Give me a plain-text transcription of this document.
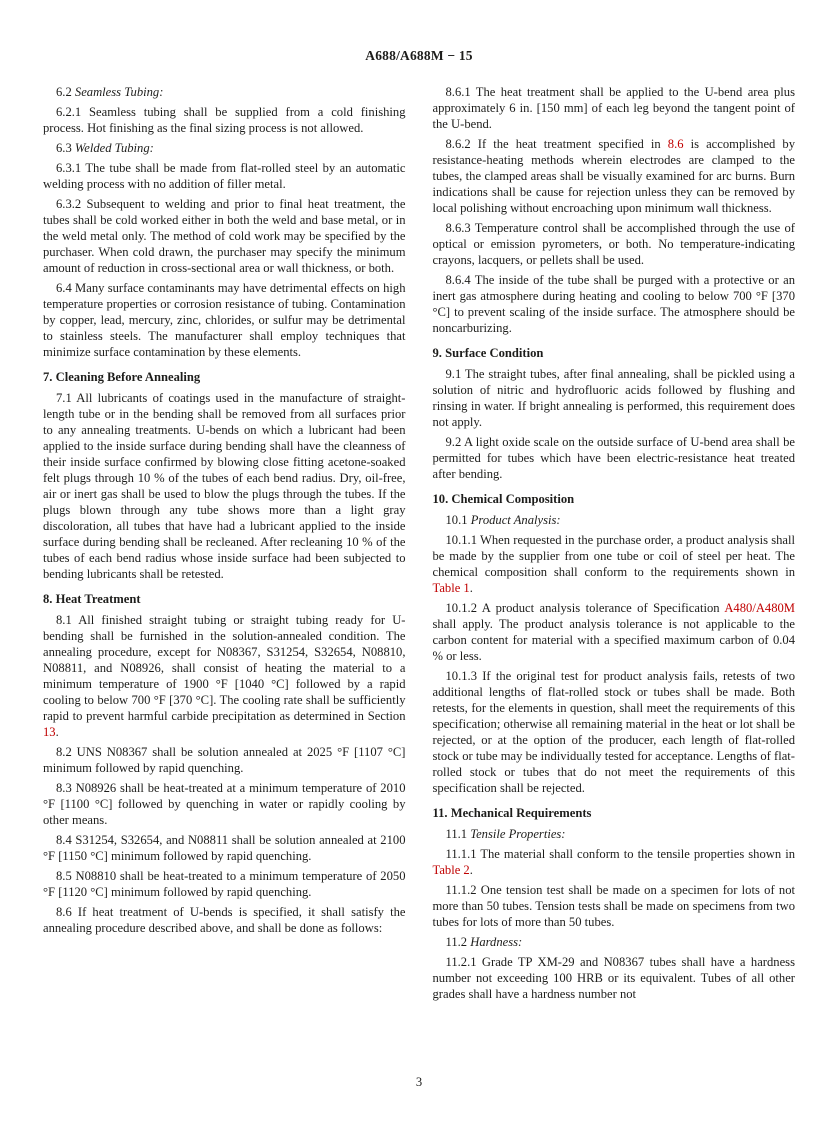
A688/A688M − 15

6.2 Seamless Tubing:

6.2.1 Seamless tubing shall be supplied from a cold finishing process. Hot finishing as the final sizing process is not allowed.

6.3 Welded Tubing:

6.3.1 The tube shall be made from flat-rolled steel by an automatic welding process with no addition of filler metal.

6.3.2 Subsequent to welding and prior to final heat treatment, the tubes shall be cold worked either in both the weld and base metal, or in the weld metal only. The method of cold work may be specified by the purchaser. When cold drawn, the purchaser may specify the minimum amount of reduction in cross-sectional area or wall thickness, or both.

6.4 Many surface contaminants may have detrimental effects on high temperature properties or corrosion resistance of tubing. Contamination by copper, lead, mercury, zinc, chlorides, or sulfur may be detrimental to stainless steels. The manufacturer shall employ techniques that minimize surface contamination by these elements.

7. Cleaning Before Annealing

7.1 All lubricants of coatings used in the manufacture of straight-length tube or in the bending shall be removed from all surfaces prior to any annealing treatments. U-bends on which a lubricant had been applied to the inside surface during bending shall have the cleanness of their inside surface confirmed by blowing close fitting acetone-soaked felt plugs through 10 % of the tubes of each bend radius. Dry, oil-free, air or inert gas shall be used to blow the plugs through the tubes. If the plugs blown through any tube shows more than a light gray discoloration, all tubes that have had a lubricant applied to the inside surface during bending shall be recleaned. After recleaning 10 % of the tubes of each bend radius whose inside surface had been subjected to bending lubricants shall be retested.

8. Heat Treatment

8.1 All finished straight tubing or straight tubing ready for U-bending shall be furnished in the solution-annealed condition. The annealing procedure, except for N08367, S31254, S32654, N08810, N08811, and N08926, shall consist of heating the material to a minimum temperature of 1900 °F [1040 °C] followed by a rapid cooling to below 700 °F [370 °C]. The cooling rate shall be sufficiently rapid to prevent harmful carbide precipitation as determined in Section 13.

8.2 UNS N08367 shall be solution annealed at 2025 °F [1107 °C] minimum followed by rapid quenching.

8.3 N08926 shall be heat-treated at a minimum temperature of 2010 °F [1100 °C] followed by quenching in water or rapidly cooling by other means.

8.4 S31254, S32654, and N08811 shall be solution annealed at 2100 °F [1150 °C] minimum followed by rapid quenching.

8.5 N08810 shall be heat-treated to a minimum temperature of 2050 °F [1120 °C] minimum followed by rapid quenching.

8.6 If heat treatment of U-bends is specified, it shall satisfy the annealing procedure described above, and shall be done as follows:

8.6.1 The heat treatment shall be applied to the U-bend area plus approximately 6 in. [150 mm] of each leg beyond the tangent point of the U-bend.

8.6.2 If the heat treatment specified in 8.6 is accomplished by resistance-heating methods wherein electrodes are clamped to the tubes, the clamped areas shall be visually examined for arc burns. Burn indications shall be cause for rejection unless they can be removed by local polishing without encroaching upon minimum wall thickness.

8.6.3 Temperature control shall be accomplished through the use of optical or emission pyrometers, or both. No temperature-indicating crayons, lacquers, or pellets shall be used.

8.6.4 The inside of the tube shall be purged with a protective or an inert gas atmosphere during heating and cooling to below 700 °F [370 °C] to prevent scaling of the inside surface. The atmosphere should be noncarburizing.

9. Surface Condition

9.1 The straight tubes, after final annealing, shall be pickled using a solution of nitric and hydrofluoric acids followed by flushing and rinsing in water. If bright annealing is performed, this requirement does not apply.

9.2 A light oxide scale on the outside surface of U-bend area shall be permitted for tubes which have been electric-resistance heat treated after bending.

10. Chemical Composition

10.1 Product Analysis:

10.1.1 When requested in the purchase order, a product analysis shall be made by the supplier from one tube or coil of steel per heat. The chemical composition shall conform to the requirements shown in Table 1.

10.1.2 A product analysis tolerance of Specification A480/A480M shall apply. The product analysis tolerance is not applicable to the carbon content for material with a specified maximum carbon of 0.04 % or less.

10.1.3 If the original test for product analysis fails, retests of two additional lengths of flat-rolled stock or tubes shall be made. Both retests, for the elements in question, shall meet the requirements of this specification; otherwise all remaining material in the heat or lot shall be rejected, or at the option of the producer, each length of flat-rolled stock or tube may be individually tested for acceptance. Lengths of flat-rolled stock or tubes that do not meet the requirements of this specification shall be rejected.

11. Mechanical Requirements

11.1 Tensile Properties:

11.1.1 The material shall conform to the tensile properties shown in Table 2.

11.1.2 One tension test shall be made on a specimen for lots of not more than 50 tubes. Tension tests shall be made on specimens from two tubes for lots of more than 50 tubes.

11.2 Hardness:

11.2.1 Grade TP XM-29 and N08367 tubes shall have a hardness number not exceeding 100 HRB or its equivalent. Tubes of all other grades shall have a hardness number not

3
